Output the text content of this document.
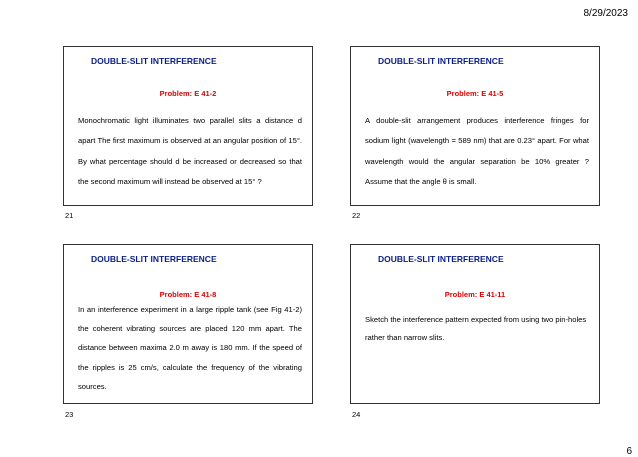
8/29/2023
DOUBLE-SLIT INTERFERENCE
Problem: E 41-2
Monochromatic light illuminates two parallel slits a distance d apart The first maximum is observed at an angular position of 15°. By what percentage should d be increased or decreased so that the second maximum will instead be observed at 15° ?
21
DOUBLE-SLIT INTERFERENCE
Problem: E 41-5
A double-slit arrangement produces interference fringes for sodium light (wavelength = 589 nm) that are 0.23° apart. For what wavelength would the angular separation be 10% greater ? Assume that the angle θ is small.
22
DOUBLE-SLIT INTERFERENCE
Problem: E 41-8
In an interference experiment in a large ripple tank (see Fig 41-2) the coherent vibrating sources are placed 120 mm apart. The distance between maxima 2.0 m away is 180 mm. If the speed of the ripples is 25 cm/s, calculate the frequency of the vibrating sources.
23
DOUBLE-SLIT INTERFERENCE
Problem: E 41-11
Sketch the interference pattern expected from using two pin-holes rather than narrow slits.
24
6
